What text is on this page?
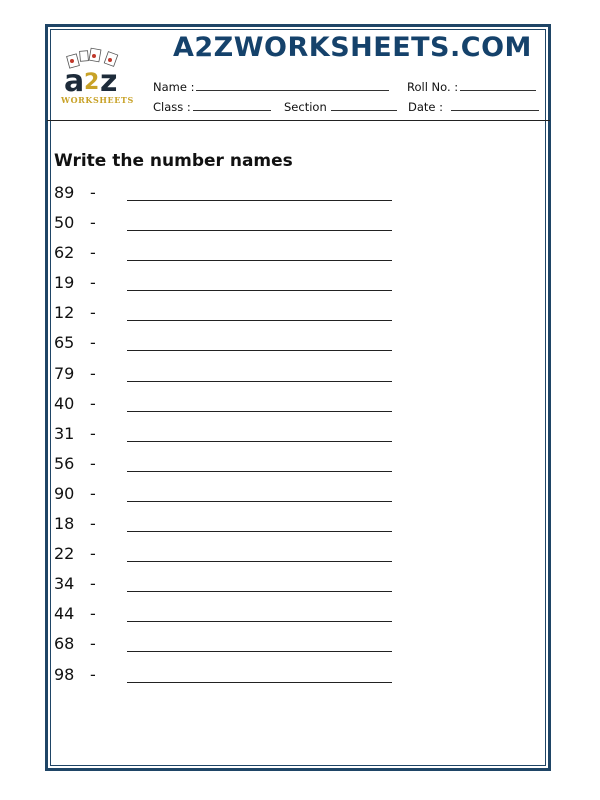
a 2 z
WORKSHEETS
A2ZWORKSHEETS.COM
Name :	Roll No. :
Class :	Section	Date :
Write the number names
89 -
50 -
62 -
19 -
12 -
65 -
79 -
40 -
31 -
56 -
90 -
18 -
22 -
34 -
44 -
68 -
98 -
